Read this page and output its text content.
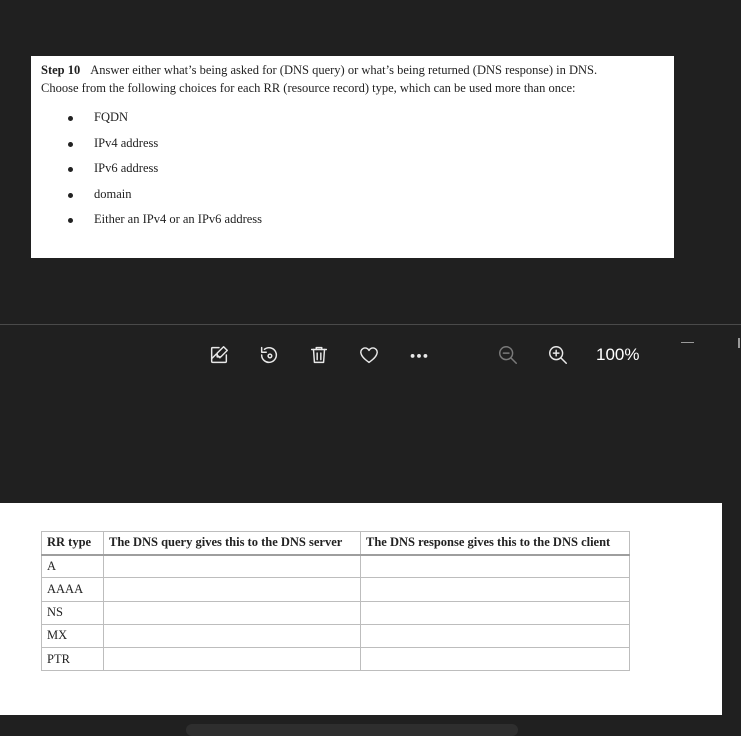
Step 10 Answer either what’s being asked for (DNS query) or what’s being returned (DNS response) in DNS.
Choose from the following choices for each RR (resource record) type, which can be used more than once:

FQDN
IPv4 address
IPv6 address
domain
Either an IPv4 or an IPv6 address
100%
RR type	The DNS query gives this to the DNS server	The DNS response gives this to the DNS client
A		
AAAA		
NS		
MX		
PTR		
